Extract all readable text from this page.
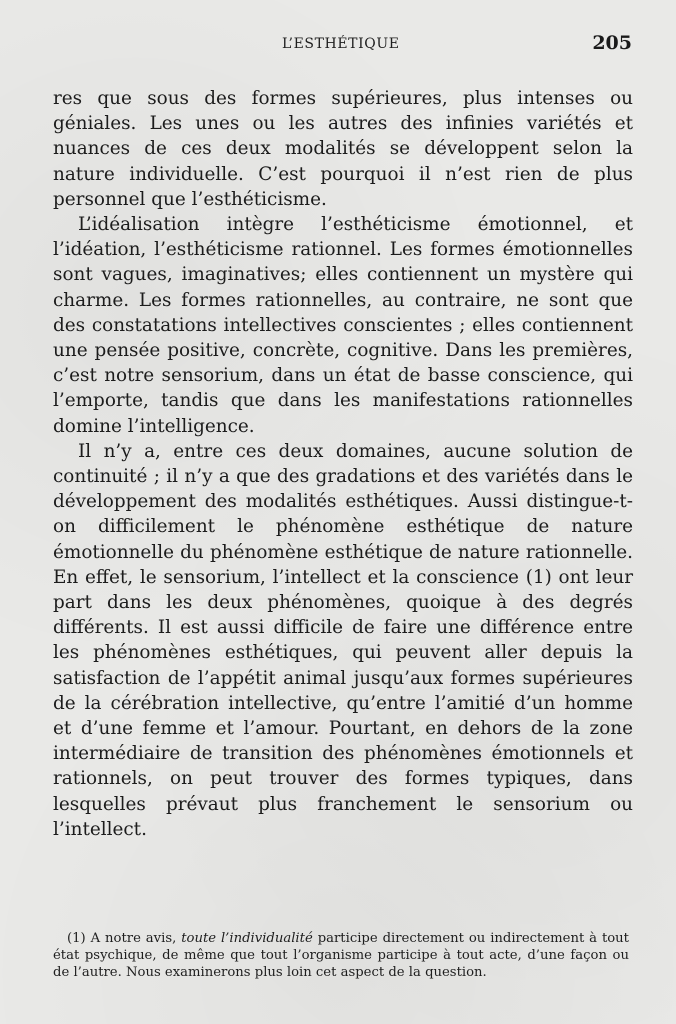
L’ESTHÉTIQUE	205

res que sous des formes supérieures, plus intenses ou géniales. Les unes ou les autres des infinies variétés et nuances de ces deux modalités se développent selon la nature individuelle. C’est pourquoi il n’est rien de plus personnel que l’esthéticisme.

L’idéalisation intègre l’esthéticisme émotionnel, et l’idéation, l’esthéticisme rationnel. Les formes émotionnelles sont vagues, imaginatives; elles contiennent un mystère qui charme. Les formes rationnelles, au contraire, ne sont que des constatations intellectives conscientes ; elles contiennent une pensée positive, concrète, cognitive. Dans les premières, c’est notre sensorium, dans un état de basse conscience, qui l’emporte, tandis que dans les manifestations rationnelles domine l’intelligence.

Il n’y a, entre ces deux domaines, aucune solution de continuité ; il n’y a que des gradations et des variétés dans le développement des modalités esthétiques. Aussi distingue-t-on difficilement le phénomène esthétique de nature émotionnelle du phénomène esthétique de nature rationnelle. En effet, le sensorium, l’intellect et la conscience (1) ont leur part dans les deux phénomènes, quoique à des degrés différents. Il est aussi difficile de faire une différence entre les phénomènes esthétiques, qui peuvent aller depuis la satisfaction de l’appétit animal jusqu’aux formes supérieures de la cérébration intellective, qu’entre l’amitié d’un homme et d’une femme et l’amour. Pourtant, en dehors de la zone intermédiaire de transition des phénomènes émotionnels et rationnels, on peut trouver des formes typiques, dans lesquelles prévaut plus franchement le sensorium ou l’intellect.

(1) A notre avis, toute l’individualité participe directement ou indirectement à tout état psychique, de même que tout l’organisme participe à tout acte, d’une façon ou de l’autre. Nous examinerons plus loin cet aspect de la question.
